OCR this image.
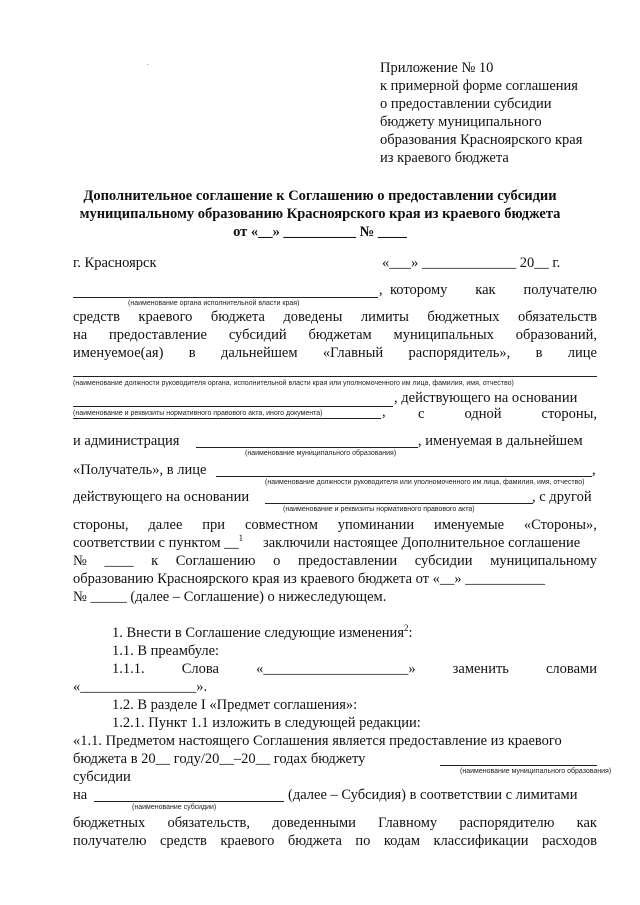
Приложение № 10
к примерной форме соглашения
о предоставлении субсидии
бюджету муниципального
образования Красноярского края
из краевого бюджета
·
Дополнительное соглашение к Соглашению о предоставлении субсидии
муниципальному образованию Красноярского края из краевого бюджета
от «__» __________ № ____
г. Красноярск	«___» _____________ 20__ г.
, которому как получателю
(наименование органа исполнительной власти края)
средств краевого бюджета доведены лимиты бюджетных обязательств
на предоставление субсидий бюджетам муниципальных образований,
именуемое(ая) в дальнейшем «Главный распорядитель», в лице
(наименование должности руководителя органа, исполнительной власти края или уполномоченного им лица, фамилия, имя, отчество)
, действующего на основании
(наименование и реквизиты нормативного правового акта, иного документа)	, с	одной	стороны,
и администрация	, именуемая в дальнейшем
(наименование муниципального образования)
«Получатель», в лице	,
(наименование должности руководителя или уполномоченного им лица, фамилия, имя, отчество)
действующего на основании	, с другой
(наименование и реквизиты нормативного правового акта)
стороны, далее при совместном упоминании именуемые «Стороны»,
соответствии с пунктом __$^1$ заключили настоящее Дополнительное соглашение
№ ____ к Соглашению о предоставлении субсидии муниципальному
образованию Красноярского края из краевого бюджета от «__» ___________
№ _____ (далее – Соглашение) о нижеследующем.
1. Внести в Соглашение следующие изменения$^2$:
1.1. В преамбуле:
1.1.1.	Слова	«____________________»	заменить	словами
«________________».
1.2. В разделе I «Предмет соглашения»:
1.2.1. Пункт 1.1 изложить в следующей редакции:
«1.1. Предметом настоящего Соглашения является предоставление из краевого
бюджета в 20__ году/20__–20__ годах бюджету
(наименование муниципального образования)
субсидии
на	(далее – Субсидия) в соответствии с лимитами
(наименование субсидии)
бюджетных обязательств, доведенными Главному распорядителю как
получателю средств краевого бюджета по кодам классификации расходов
